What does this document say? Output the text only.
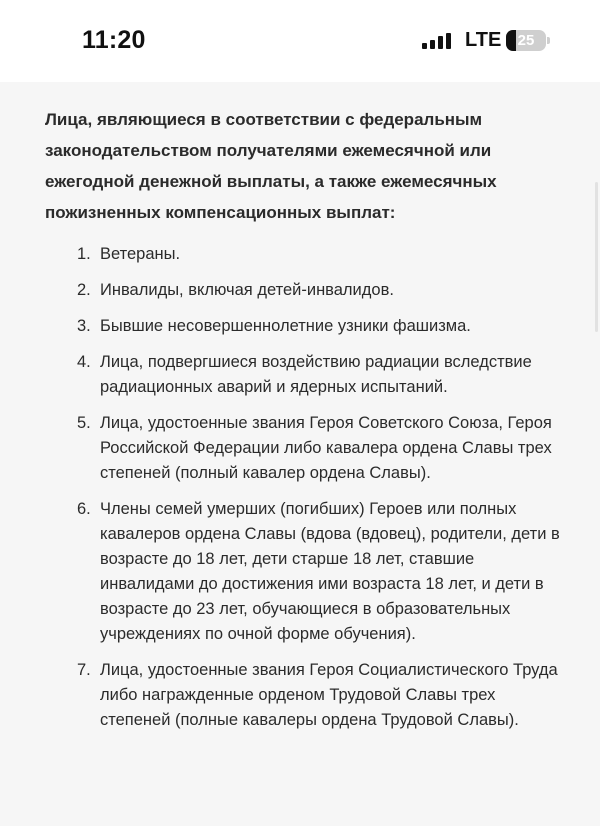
11:20	LTE	25
Лица, являющиеся в соответствии с федеральным законодательством получателями ежемесячной или ежегодной денежной выплаты, а также ежемесячных пожизненных компенсационных выплат:
1. Ветераны.
2. Инвалиды, включая детей-инвалидов.
3. Бывшие несовершеннолетние узники фашизма.
4. Лица, подвергшиеся воздействию радиации вследствие радиационных аварий и ядерных испытаний.
5. Лица, удостоенные звания Героя Советского Союза, Героя Российской Федерации либо кавалера ордена Славы трех степеней (полный кавалер ордена Славы).
6. Члены семей умерших (погибших) Героев или полных кавалеров ордена Славы (вдова (вдовец), родители, дети в возрасте до 18 лет, дети старше 18 лет, ставшие инвалидами до достижения ими возраста 18 лет, и дети в возрасте до 23 лет, обучающиеся в образовательных учреждениях по очной форме обучения).
7. Лица, удостоенные звания Героя Социалистического Труда либо награжденные орденом Трудовой Славы трех степеней (полные кавалеры ордена Трудовой Славы).
